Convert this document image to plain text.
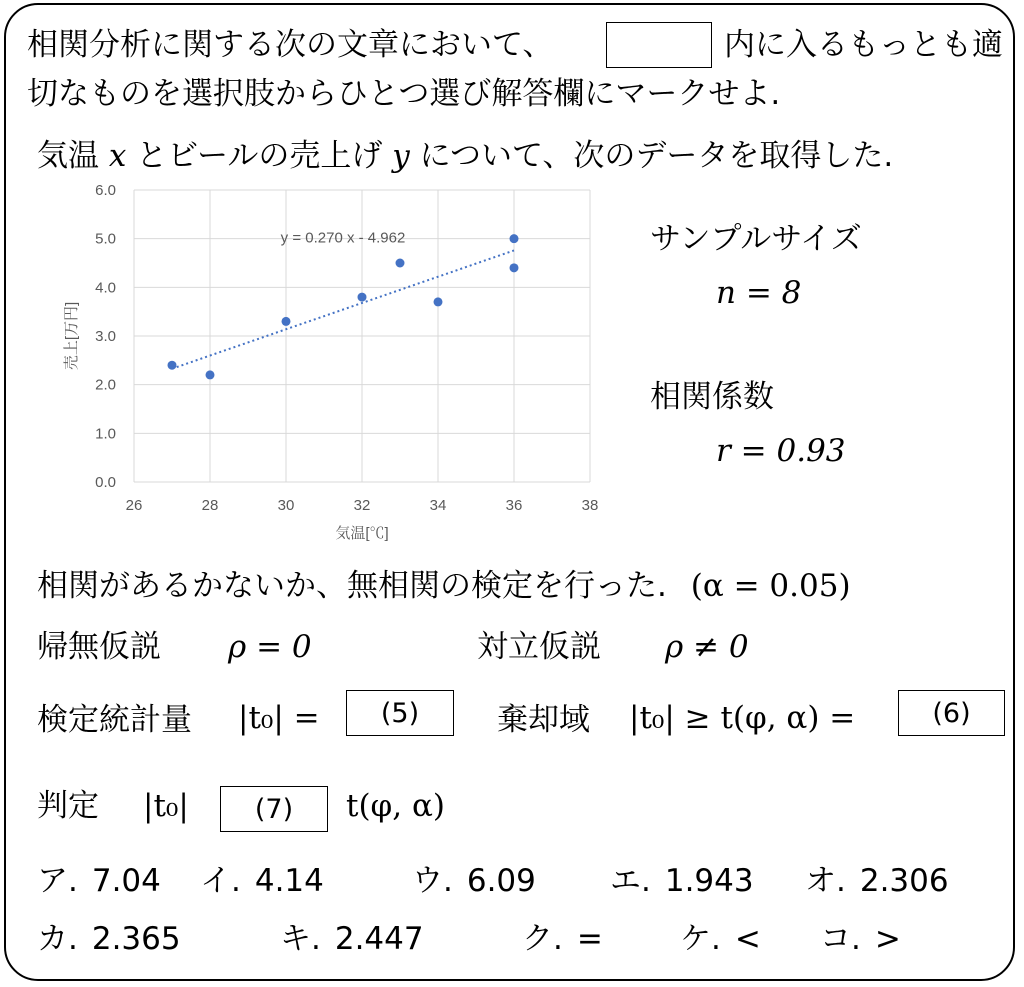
相関分析に関する次の文章において、	内に入るもっとも適
切なものを選択肢からひとつ選び解答欄にマークせよ.
気温 x とビールの売上げ y について、次のデータを取得した.
0.0
1.0
2.0
3.0
4.0
5.0
6.0
26	28	30	32	34	36	38
気温[℃]
売上[万円]
y = 0.270 x - 4.962	サンプルサイズ
n = 8
相関係数
r = 0.93
相関があるかないか、無相関の検定を行った. (α = 0.05)
帰無仮説 ρ = 0	対立仮説 ρ ≠ 0
検定統計量 |t₀| =	(5)	棄却域 |t₀| ≥ t(φ, α) =	(6)
判定 |t₀|	(7)	t(φ, α)
ア. 7.04 イ. 4.14	ウ. 6.09 エ. 1.943 オ. 2.306
カ. 2.365	キ. 2.447	ク. = ケ. < コ. >
